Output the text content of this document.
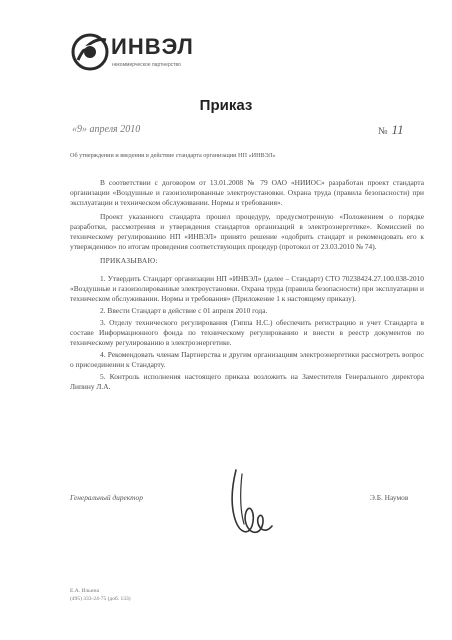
ИНВЭЛ
некоммерческое партнерство
Приказ
«9» апреля 2010	№ 11
Об утверждении и введении в действие стандарта организации НП «ИНВЭЛ»

В соответствии с договором от 13.01.2008 № 79 ОАО «НИИОС» разработан проект стандарта организации «Воздушные и газоизолированные электроустановки. Охрана труда (правила безопасности) при эксплуатации и техническом обслуживании. Нормы и требования».

Проект указанного стандарта прошел процедуру, предусмотренную «Положением о порядке разработки, рассмотрения и утверждения стандартов организаций в электроэнергетике». Комиссией по техническому регулированию НП «ИНВЭЛ» принято решение «одобрить стандарт и рекомендовать его к утверждению» по итогам проведения соответствующих процедур (протокол от 23.03.2010 № 74).

ПРИКАЗЫВАЮ:

1. Утвердить Стандарт организации НП «ИНВЭЛ» (далее – Стандарт) СТО 70238424.27.100.038-2010 «Воздушные и газоизолированные электроустановки. Охрана труда (правила безопасности) при эксплуатации и техническом обслуживании. Нормы и требования» (Приложение 1 к настоящему приказу).

2. Ввести Стандарт в действие с 01 апреля 2010 года.

3. Отделу технического регулирования (Гиппа Н.С.) обеспечить регистрацию и учет Стандарта в составе Информационного фонда по техническому регулированию и внести в реестр документов по техническому регулированию в электроэнергетике.

4. Рекомендовать членам Партнерства и другим организациям электроэнергетики рассмотреть вопрос о присоединении к Стандарту.

5. Контроль исполнения настоящего приказа возложить на Заместителя Генерального директора Липину Л.А.

Генеральный директор	Э.Б. Наумов
Е.А. Ильина
(495) 333-24-75 (доб. 133)
